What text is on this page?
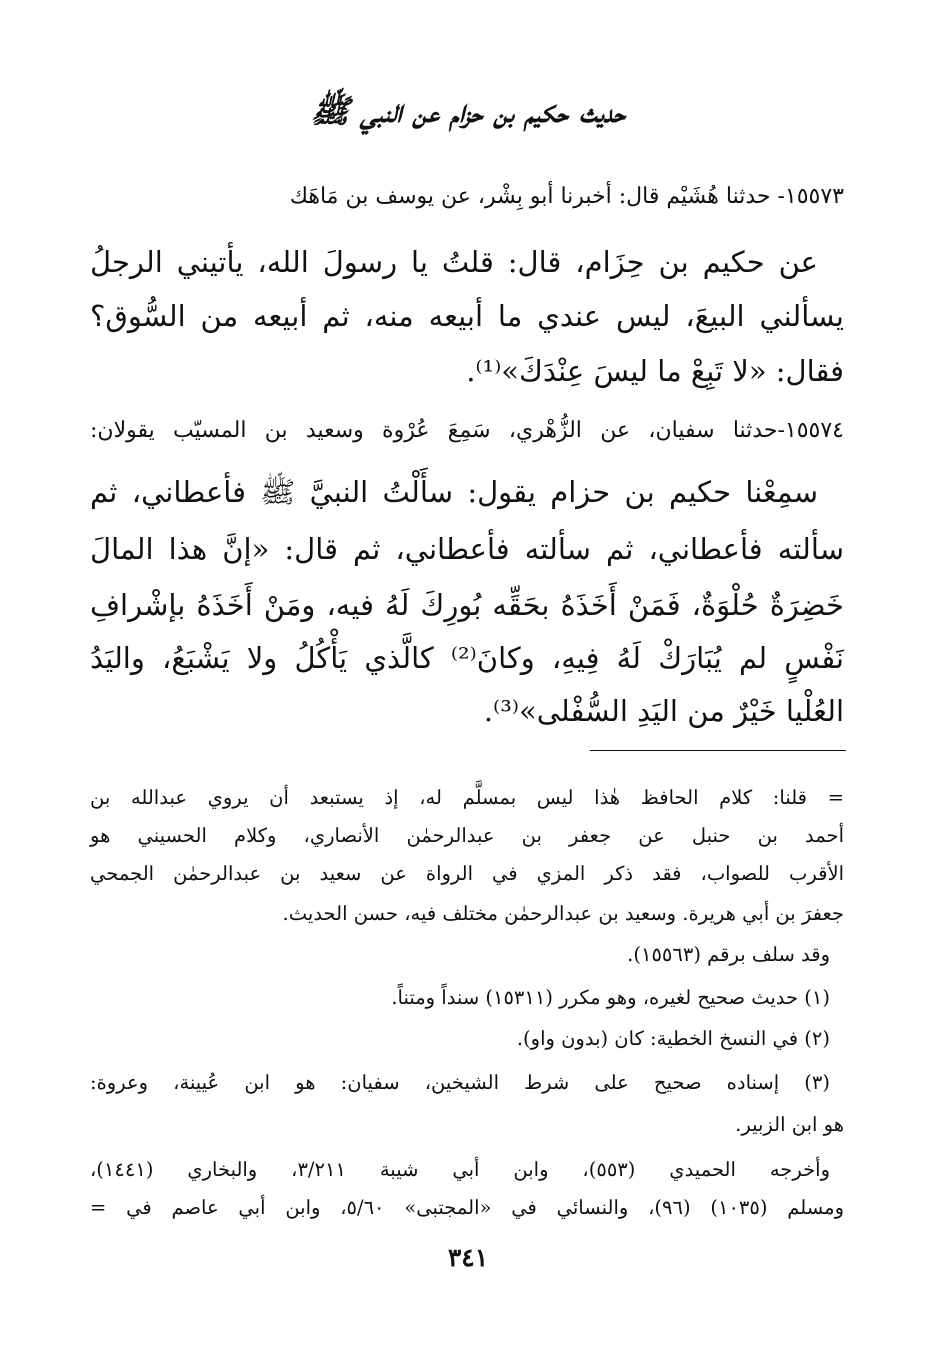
حديث حكيم بن حزام عن النبي ﷺ
١٥٥٧٣- حدثنا هُشَيْم قال: أخبرنا أبو بِشْر، عن يوسف بن مَاهَك
عن حكيم بن حِزَام، قال: قلتُ يا رسولَ الله، يأتيني الرجلُ
يسألني البيعَ، ليس عندي ما أبيعه منه، ثم أبيعه من السُّوق؟
فقال: «لا تَبِعْ ما ليسَ عِنْدَكَ»⁽¹⁾.
١٥٥٧٤-حدثنا سفيان، عن الزُّهْري، سَمِعَ عُرْوة وسعيد بن المسيّب يقولان:
سمِعْنا حكيم بن حزام يقول: سأَلْتُ النبيَّ ﷺ فأعطاني، ثم
سألته فأعطاني، ثم سألته فأعطاني، ثم قال: «إنَّ هذا المالَ
خَضِرَةٌ حُلْوَةٌ، فَمَنْ أَخَذَهُ بحَقِّه بُورِكَ لَهُ فيه، ومَنْ أَخَذَهُ بإشْرافِ
نَفْسٍ لم يُبَارَكْ لَهُ فِيهِ، وكانَ⁽²⁾ كالَّذي يَأْكُلُ ولا يَشْبَعُ، واليَدُ
العُلْيا خَيْرٌ من اليَدِ السُّفْلى»⁽³⁾.
= قلنا: كلام الحافظ هٰذا ليس بمسلَّم له، إذ يستبعد أن يروي عبدالله بن
أحمد بن حنبل عن جعفر بن عبدالرحمٰن الأنصاري، وكلام الحسيني هو
الأقرب للصواب، فقد ذكر المزي في الرواة عن سعيد بن عبدالرحمٰن الجمحي
جعفرَ بن أبي هريرة. وسعيد بن عبدالرحمٰن مختلف فيه، حسن الحديث.
وقد سلف برقم (١٥٥٦٣).
(١) حديث صحيح لغيره، وهو مكرر (١٥٣١١) سنداً ومتناً.
(٢) في النسخ الخطية: كان (بدون واو).
(٣) إسناده صحيح على شرط الشيخين، سفيان: هو ابن عُيينة، وعروة:
هو ابن الزبير.
وأخرجه الحميدي (٥٥٣)، وابن أبي شيبة ٣/٢١١، والبخاري (١٤٤١)،
ومسلم (١٠٣٥) (٩٦)، والنسائي في «المجتبى» ٥/٦٠، وابن أبي عاصم في =
٣٤١
